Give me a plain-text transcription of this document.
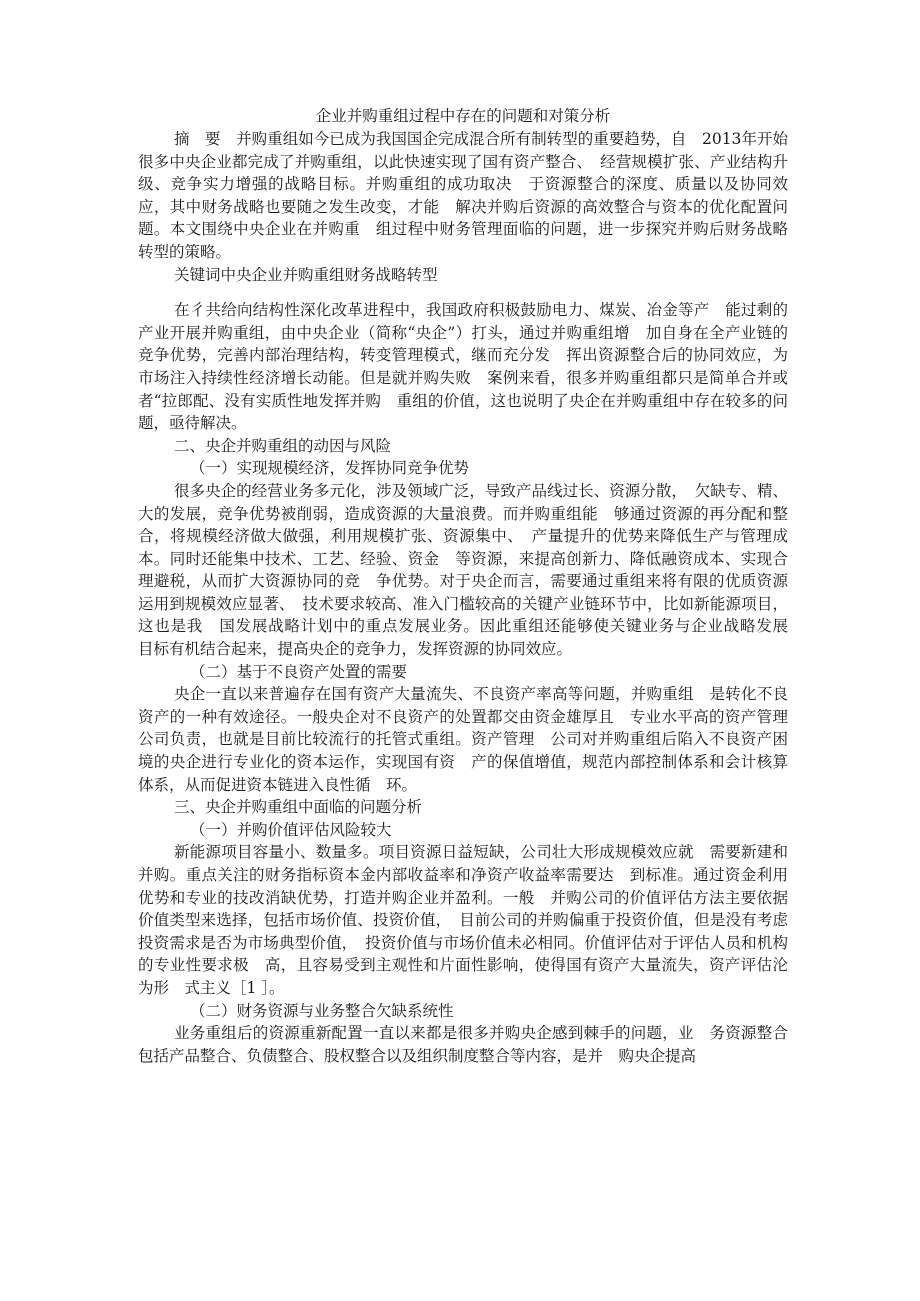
企业并购重组过程中存在的问题和对策分析

摘　要　并购重组如今已成为我国国企完成混合所有制转型的重要趋势，自　2013年开始很多中央企业都完成了并购重组，以此快速实现了国有资产整合、　经营规模扩张、产业结构升级、竞争实力增强的战略目标。并购重组的成功取决　于资源整合的深度、质量以及协同效应，其中财务战略也要随之发生改变，才能　解决并购后资源的高效整合与资本的优化配置问题。本文围绕中央企业在并购重　组过程中财务管理面临的问题，进一步探究并购后财务战略转型的策略。

关键词中央企业并购重组财务战略转型

在彳共给向结构性深化改革进程中，我国政府积极鼓励电力、煤炭、冶金等产　能过剩的产业开展并购重组，由中央企业（简称“央企”）打头，通过并购重组增　加自身在全产业链的竞争优势，完善内部治理结构，转变管理模式，继而充分发　挥出资源整合后的协同效应，为市场注入持续性经济增长动能。但是就并购失败　案例来看，很多并购重组都只是简单合并或者“拉郎配、没有实质性地发挥并购　重组的价值，这也说明了央企在并购重组中存在较多的问题，亟待解决。

二、央企并购重组的动因与风险

（一）实现规模经济，发挥协同竞争优势

很多央企的经营业务多元化，涉及领域广泛，导致产品线过长、资源分散，　欠缺专、精、大的发展，竞争优势被削弱，造成资源的大量浪费。而并购重组能　够通过资源的再分配和整合，将规模经济做大做强，利用规模扩张、资源集中、　产量提升的优势来降低生产与管理成本。同时还能集中技术、工艺、经验、资金　等资源，来提高创新力、降低融资成本、实现合理避税，从而扩大资源协同的竞　争优势。对于央企而言，需要通过重组来将有限的优质资源运用到规模效应显著、　技术要求较高、准入门槛较高的关键产业链环节中，比如新能源项目，这也是我　国发展战略计划中的重点发展业务。因此重组还能够使关键业务与企业战略发展　目标有机结合起来，提高央企的竞争力，发挥资源的协同效应。

（二）基于不良资产处置的需要

央企一直以来普遍存在国有资产大量流失、不良资产率高等问题，并购重组　是转化不良资产的一种有效途径。一般央企对不良资产的处置都交由资金雄厚且　专业水平高的资产管理公司负责，也就是目前比较流行的托管式重组。资产管理　公司对并购重组后陷入不良资产困境的央企进行专业化的资本运作，实现国有资　产的保值增值，规范内部控制体系和会计核算体系，从而促进资本链进入良性循　环。

三、央企并购重组中面临的问题分析

（一）并购价值评估风险较大

新能源项目容量小、数量多。项目资源日益短缺，公司壮大形成规模效应就　需要新建和并购。重点关注的财务指标资本金内部收益率和净资产收益率需要达　到标准。通过资金利用优势和专业的技改消缺优势，打造并购企业并盈利。一般　并购公司的价值评估方法主要依据价值类型来选择，包括市场价值、投资价值，　目前公司的并购偏重于投资价值，但是没有考虑投资需求是否为市场典型价值，　投资价值与市场价值未必相同。价值评估对于评估人员和机构的专业性要求极　高，且容易受到主观性和片面性影响，使得国有资产大量流失，资产评估沦为形　式主义［1 ］。

（二）财务资源与业务整合欠缺系统性

业务重组后的资源重新配置一直以来都是很多并购央企感到棘手的问题，业　务资源整合包括产品整合、负债整合、股权整合以及组织制度整合等内容，是并　购央企提高
